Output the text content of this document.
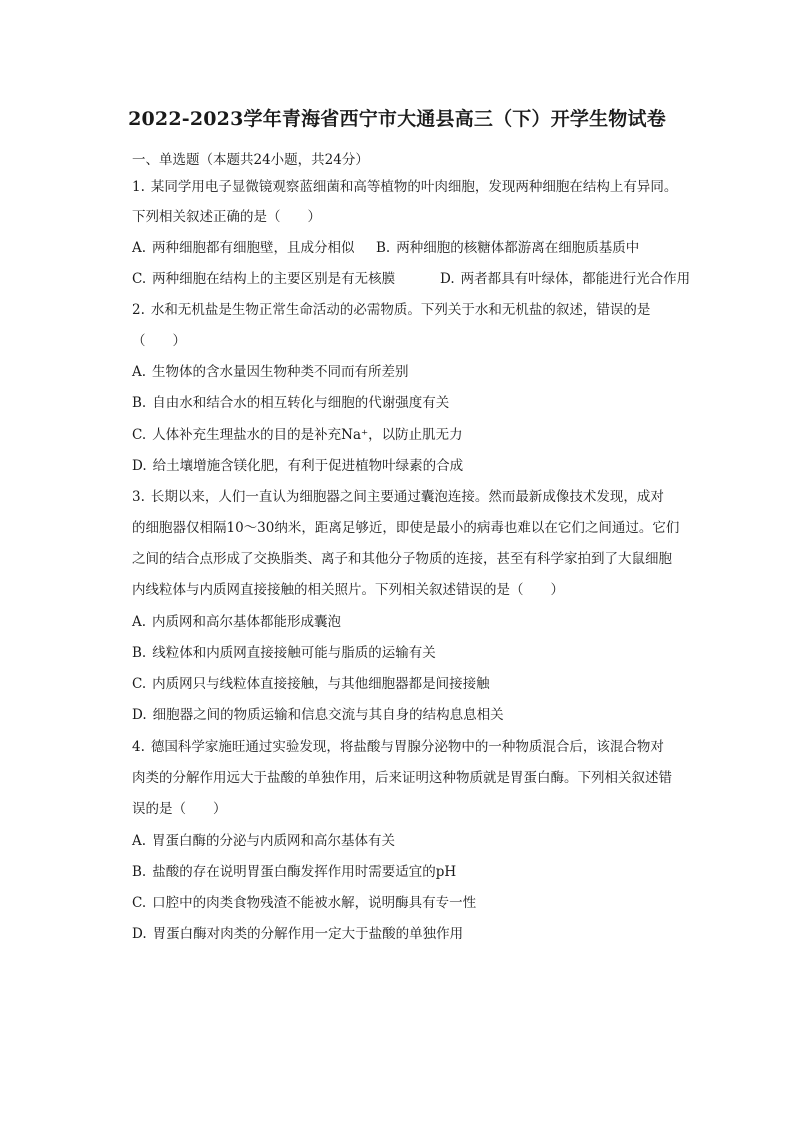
2022-2023学年青海省西宁市大通县高三（下）开学生物试卷
一、单选题（本题共24小题，共24分）
1. 某同学用电子显微镜观察蓝细菌和高等植物的叶肉细胞，发现两种细胞在结构上有异同。
下列相关叙述正确的是（　　）
A. 两种细胞都有细胞壁，且成分相似 B. 两种细胞的核糖体都游离在细胞质基质中
C. 两种细胞在结构上的主要区别是有无核膜	D. 两者都具有叶绿体，都能进行光合作用
2. 水和无机盐是生物正常生命活动的必需物质。下列关于水和无机盐的叙述，错误的是
（　　）
A. 生物体的含水量因生物种类不同而有所差别
B. 自由水和结合水的相互转化与细胞的代谢强度有关
C. 人体补充生理盐水的目的是补充Na⁺，以防止肌无力
D. 给土壤增施含镁化肥，有利于促进植物叶绿素的合成
3. 长期以来，人们一直认为细胞器之间主要通过囊泡连接。然而最新成像技术发现，成对
的细胞器仅相隔10～30纳米，距离足够近，即使是最小的病毒也难以在它们之间通过。它们
之间的结合点形成了交换脂类、离子和其他分子物质的连接，甚至有科学家拍到了大鼠细胞
内线粒体与内质网直接接触的相关照片。下列相关叙述错误的是（　　）
A. 内质网和高尔基体都能形成囊泡
B. 线粒体和内质网直接接触可能与脂质的运输有关
C. 内质网只与线粒体直接接触，与其他细胞器都是间接接触
D. 细胞器之间的物质运输和信息交流与其自身的结构息息相关
4. 德国科学家施旺通过实验发现，将盐酸与胃腺分泌物中的一种物质混合后，该混合物对
肉类的分解作用远大于盐酸的单独作用，后来证明这种物质就是胃蛋白酶。下列相关叙述错
误的是（　　）
A. 胃蛋白酶的分泌与内质网和高尔基体有关
B. 盐酸的存在说明胃蛋白酶发挥作用时需要适宜的pH
C. 口腔中的肉类食物残渣不能被水解，说明酶具有专一性
D. 胃蛋白酶对肉类的分解作用一定大于盐酸的单独作用
